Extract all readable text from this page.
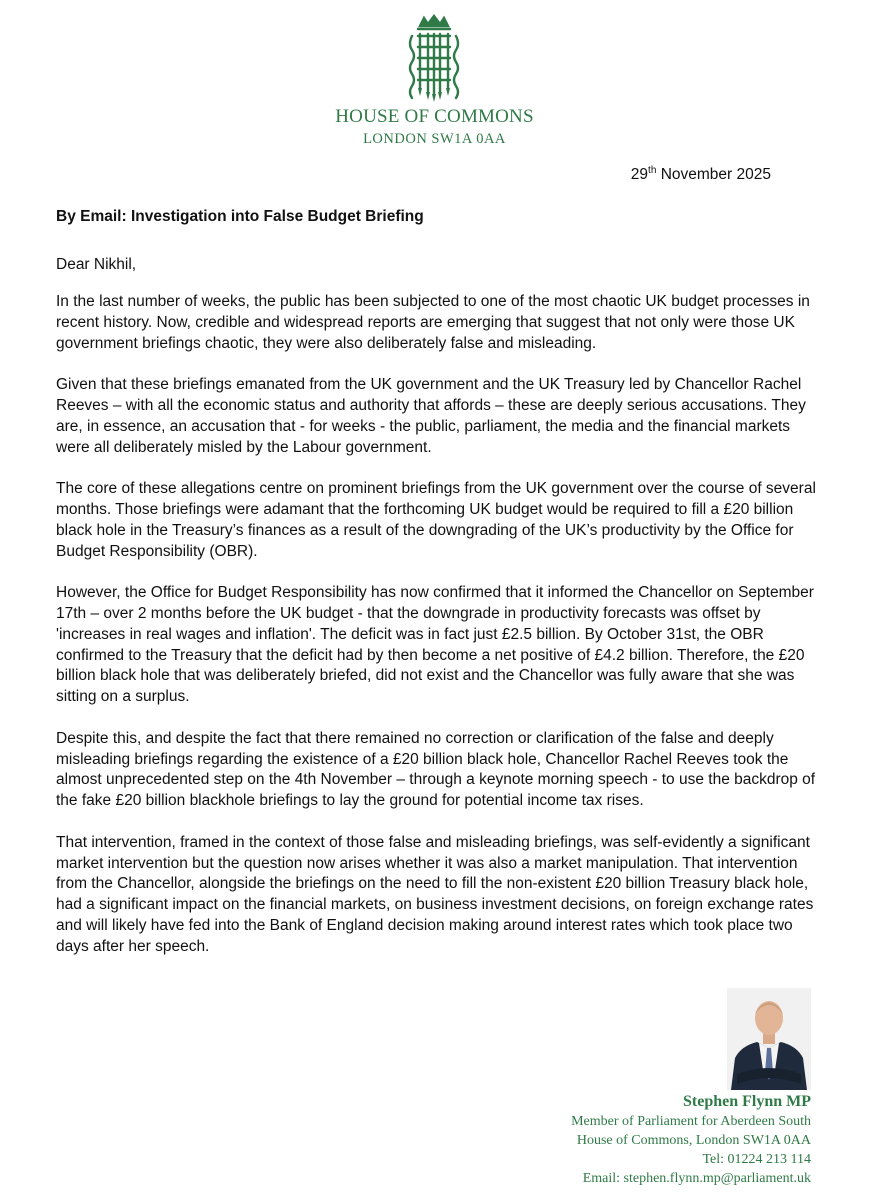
HOUSE OF COMMONS
LONDON SW1A 0AA
29th November 2025
By Email: Investigation into False Budget Briefing
Dear Nikhil,

In the last number of weeks, the public has been subjected to one of the most chaotic UK budget processes in recent history. Now, credible and widespread reports are emerging that suggest that not only were those UK government briefings chaotic, they were also deliberately false and misleading.

Given that these briefings emanated from the UK government and the UK Treasury led by Chancellor Rachel Reeves – with all the economic status and authority that affords – these are deeply serious accusations. They are, in essence, an accusation that - for weeks - the public, parliament, the media and the financial markets were all deliberately misled by the Labour government.

The core of these allegations centre on prominent briefings from the UK government over the course of several months. Those briefings were adamant that the forthcoming UK budget would be required to fill a £20 billion black hole in the Treasury’s finances as a result of the downgrading of the UK’s productivity by the Office for Budget Responsibility (OBR).

However, the Office for Budget Responsibility has now confirmed that it informed the Chancellor on September 17th – over 2 months before the UK budget - that the downgrade in productivity forecasts was offset by 'increases in real wages and inflation'. The deficit was in fact just £2.5 billion. By October 31st, the OBR confirmed to the Treasury that the deficit had by then become a net positive of £4.2 billion. Therefore, the £20 billion black hole that was deliberately briefed, did not exist and the Chancellor was fully aware that she was sitting on a surplus.

Despite this, and despite the fact that there remained no correction or clarification of the false and deeply misleading briefings regarding the existence of a £20 billion black hole, Chancellor Rachel Reeves took the almost unprecedented step on the 4th November – through a keynote morning speech - to use the backdrop of the fake £20 billion blackhole briefings to lay the ground for potential income tax rises.

That intervention, framed in the context of those false and misleading briefings, was self-evidently a significant market intervention but the question now arises whether it was also a market manipulation. That intervention from the Chancellor, alongside the briefings on the need to fill the non-existent £20 billion Treasury black hole, had a significant impact on the financial markets, on business investment decisions, on foreign exchange rates and will likely have fed into the Bank of England decision making around interest rates which took place two days after her speech.

Stephen Flynn MP
Member of Parliament for Aberdeen South
House of Commons, London SW1A 0AA
Tel: 01224 213 114
Email: stephen.flynn.mp@parliament.uk
